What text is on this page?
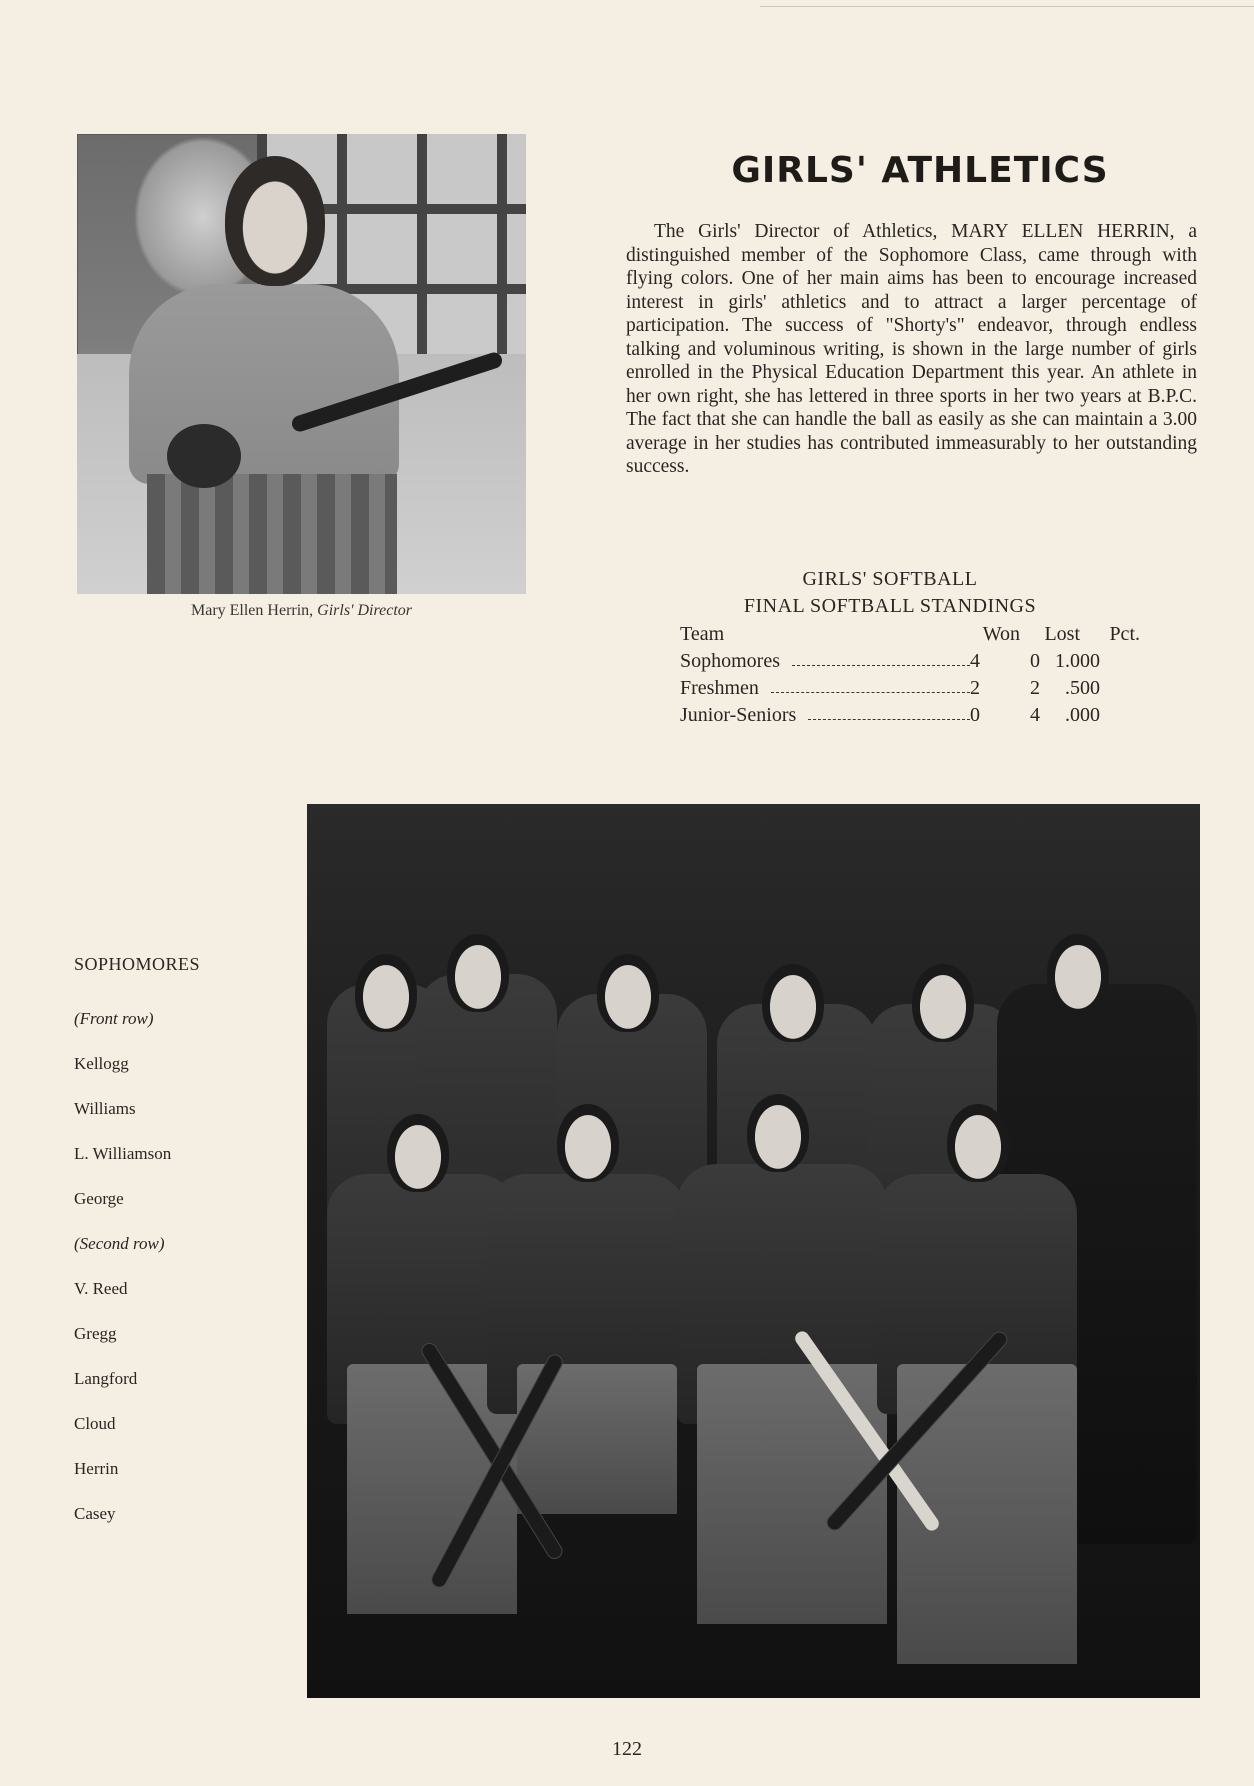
Mary Ellen Herrin, Girls' Director
GIRLS' ATHLETICS

The Girls' Director of Athletics, MARY ELLEN HERRIN, a distinguished member of the Sophomore Class, came through with flying colors. One of her main aims has been to encourage increased interest in girls' athletics and to attract a larger percentage of participation. The success of "Shorty's" endeavor, through endless talking and voluminous writing, is shown in the large number of girls enrolled in the Physical Education Department this year. An athlete in her own right, she has lettered in three sports in her two years at B.P.C. The fact that she can handle the ball as easily as she can maintain a 3.00 average in her studies has contributed immeasurably to her outstanding success.

GIRLS' SOFTBALL
FINAL SOFTBALL STANDINGS
Team	Won	Lost	Pct.
Sophomores	4	0 1.000
Freshmen	2	2	.500
Junior-Seniors	0	4	.000
SOPHOMORES
(Front row)
Kellogg
Williams
L. Williamson
George
(Second row)
V. Reed
Gregg
Langford
Cloud
Herrin
Casey
122
